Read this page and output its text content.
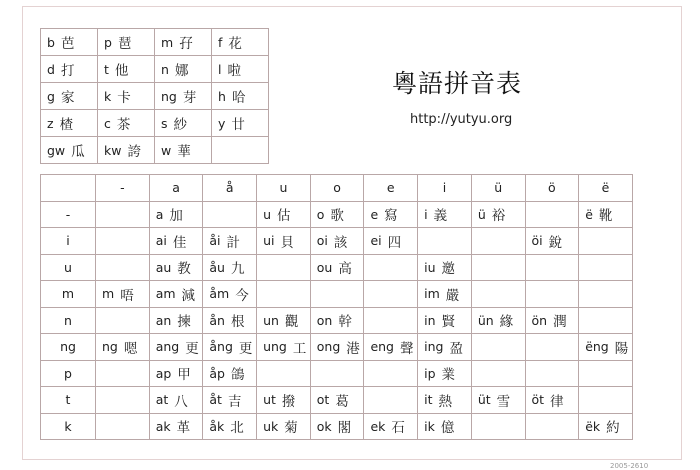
b 芭	p 琶	m 孖	f 花

d 打	t 他	n 娜	l 啦

g 家	k 卡	ng 芽	h 哈

z 楂	c 茶	s 紗	y 廿

gw 瓜	kw 誇	w 華	

粵語拼音表
http://yutyu.org

	-	a	å	u	o	e	i	ü	ö	ë

-		a 加		u 估	o 歌	e 寫	i 義	ü 裕		ë 靴

i		ai 佳	åi 計	ui 貝	oi 該	ei 四			öi 銳	

u		au 教	åu 九		ou 高		iu 邀			

m	m 唔	am 減	åm 今				im 嚴			

n		an 揀	ån 根	un 觀	on 幹		in 賢	ün 緣	ön 潤	

ng	ng 嗯	ang 更	ång 更	ung 工	ong 港	eng 聲	ing 盈			ëng 陽

p		ap 甲	åp 鴿				ip 業			

t		at 八	åt 吉	ut 撥	ot 葛		it 熱	üt 雪	öt 律	

k		ak 革	åk 北	uk 菊	ok 閣	ek 石	ik 億			ëk 約
2005-2610
